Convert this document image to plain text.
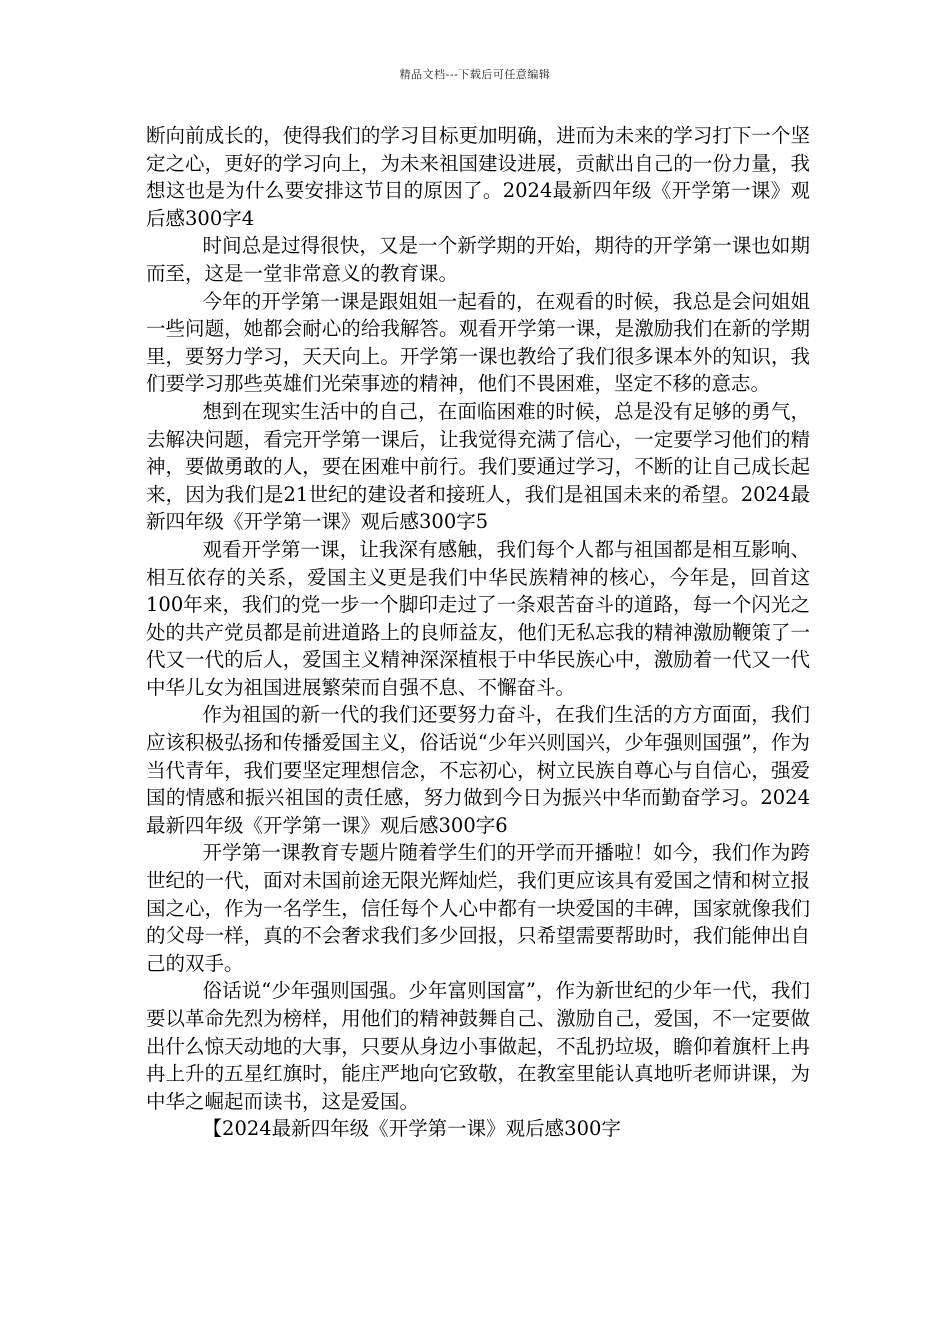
精品文档---下载后可任意编辑

断向前成长的，使得我们的学习目标更加明确，进而为未来的学习打下一个坚定之心，更好的学习向上，为未来祖国建设进展，贡献出自己的一份力量，我想这也是为什么要安排这节目的原因了。2024最新四年级《开学第一课》观后感300字4

时间总是过得很快，又是一个新学期的开始，期待的开学第一课也如期而至，这是一堂非常意义的教育课。

今年的开学第一课是跟姐姐一起看的，在观看的时候，我总是会问姐姐一些问题，她都会耐心的给我解答。观看开学第一课，是激励我们在新的学期里，要努力学习，天天向上。开学第一课也教给了我们很多课本外的知识，我们要学习那些英雄们光荣事迹的精神，他们不畏困难，坚定不移的意志。

想到在现实生活中的自己，在面临困难的时候，总是没有足够的勇气，去解决问题，看完开学第一课后，让我觉得充满了信心，一定要学习他们的精神，要做勇敢的人，要在困难中前行。我们要通过学习，不断的让自己成长起来，因为我们是21世纪的建设者和接班人，我们是祖国未来的希望。2024最新四年级《开学第一课》观后感300字5

观看开学第一课，让我深有感触，我们每个人都与祖国都是相互影响、相互依存的关系，爱国主义更是我们中华民族精神的核心，今年是，回首这100年来，我们的党一步一个脚印走过了一条艰苦奋斗的道路，每一个闪光之处的共产党员都是前进道路上的良师益友，他们无私忘我的精神激励鞭策了一代又一代的后人，爱国主义精神深深植根于中华民族心中，激励着一代又一代中华儿女为祖国进展繁荣而自强不息、不懈奋斗。

作为祖国的新一代的我们还要努力奋斗，在我们生活的方方面面，我们应该积极弘扬和传播爱国主义，俗话说“少年兴则国兴，少年强则国强”，作为当代青年，我们要坚定理想信念，不忘初心，树立民族自尊心与自信心，强爱国的情感和振兴祖国的责任感，努力做到今日为振兴中华而勤奋学习。2024最新四年级《开学第一课》观后感300字6

开学第一课教育专题片随着学生们的开学而开播啦！如今，我们作为跨世纪的一代，面对未国前途无限光辉灿烂，我们更应该具有爱国之情和树立报国之心，作为一名学生，信任每个人心中都有一块爱国的丰碑，国家就像我们的父母一样，真的不会奢求我们多少回报，只希望需要帮助时，我们能伸出自己的双手。

俗话说“少年强则国强。少年富则国富”，作为新世纪的少年一代，我们要以革命先烈为榜样，用他们的精神鼓舞自己、激励自己，爱国，不一定要做出什么惊天动地的大事，只要从身边小事做起，不乱扔垃圾，瞻仰着旗杆上冉冉上升的五星红旗时，能庄严地向它致敬，在教室里能认真地听老师讲课，为中华之崛起而读书，这是爱国。

【2024最新四年级《开学第一课》观后感300字
